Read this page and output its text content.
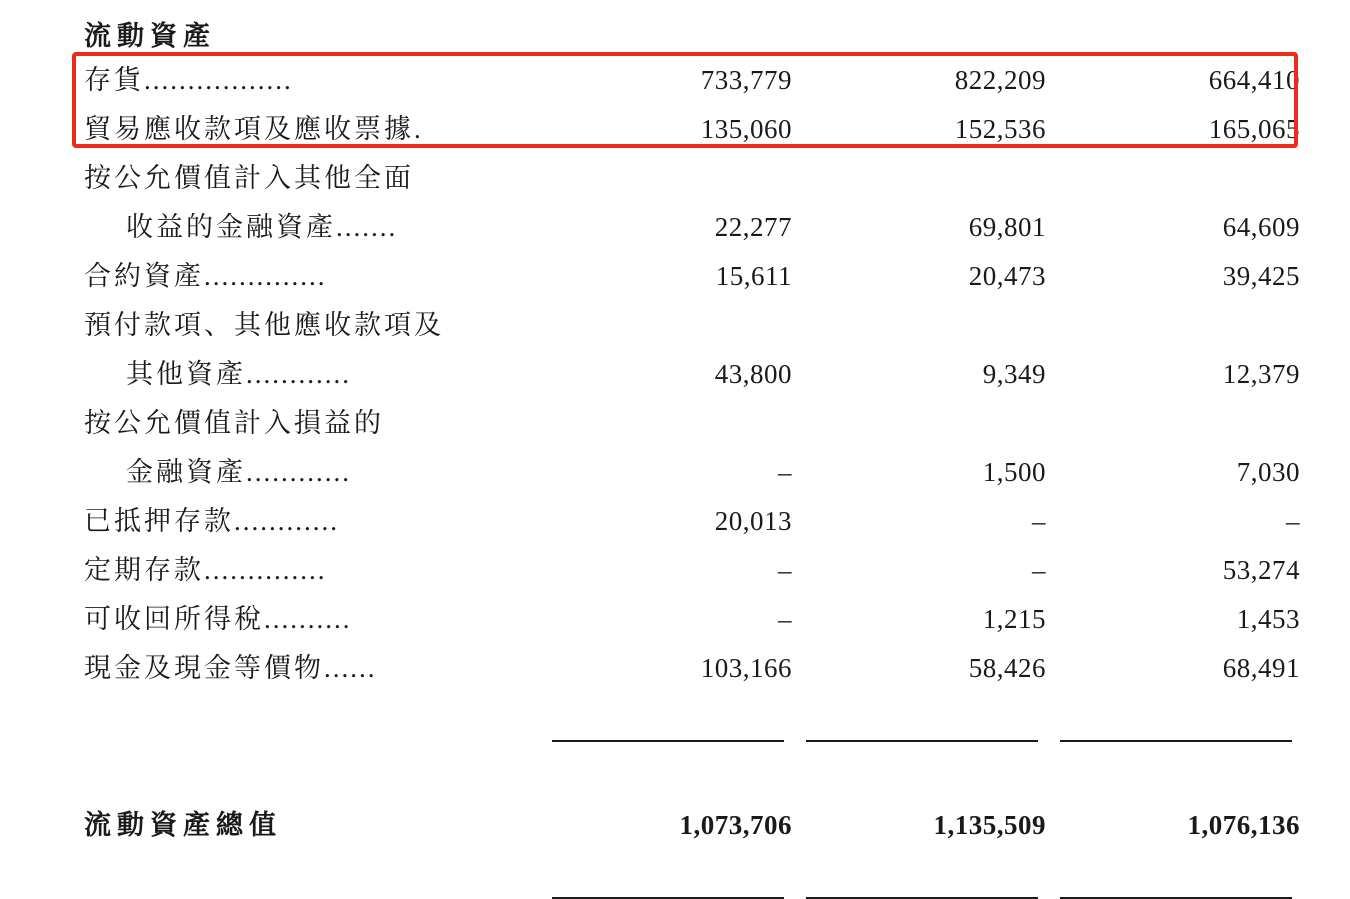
流動資產
存貨.................	733,779	822,209	664,410
貿易應收款項及應收票據.	135,060	152,536	165,065
按公允價值計入其他全面			
收益的金融資產.......	22,277	69,801	64,609
合約資產..............	15,611	20,473	39,425
預付款項、其他應收款項及			
其他資產............	43,800	9,349	12,379
按公允價值計入損益的			
金融資產............	–	1,500	7,030
已抵押存款............	20,013	–	–
定期存款..............	–	–	53,274
可收回所得稅..........	–	1,215	1,453
現金及現金等價物......	103,166	58,426	68,491

流動資產總值	1,073,706	1,135,509	1,076,136
